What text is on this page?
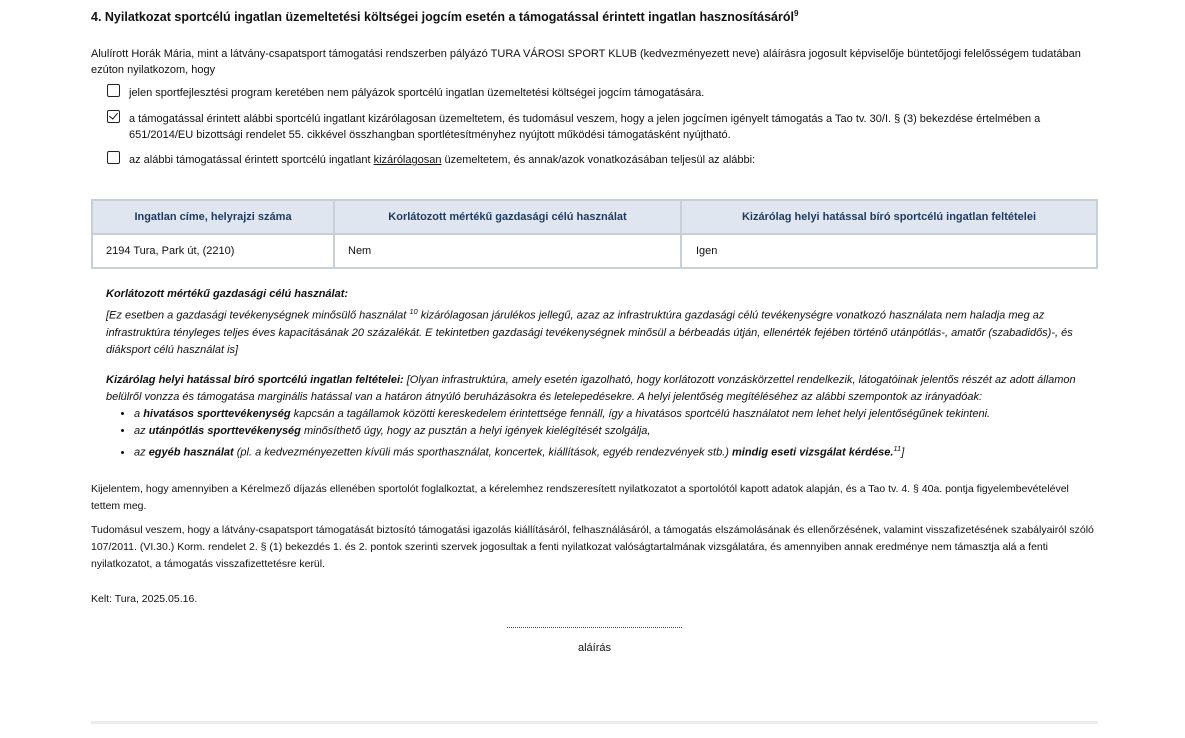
4. Nyilatkozat sportcélú ingatlan üzemeltetési költségei jogcím esetén a támogatással érintett ingatlan hasznosításáról$^9$
Alulírott Horák Mária, mint a látvány-csapatsport támogatási rendszerben pályázó TURA VÁROSI SPORT KLUB (kedvezményezett neve) aláírásra jogosult képviselője büntetőjogi felelősségem tudatában ezúton nyilatkozom, hogy
jelen sportfejlesztési program keretében nem pályázok sportcélú ingatlan üzemeltetési költségei jogcím támogatására.
a támogatással érintett alábbi sportcélú ingatlant kizárólagosan üzemeltetem, és tudomásul veszem, hogy a jelen jogcímen igényelt támogatás a Tao tv. 30/I. § (3) bekezdése értelmében a 651/2014/EU bizottsági rendelet 55. cikkével összhangban sportlétesítményhez nyújtott működési támogatásként nyújtható.
az alábbi támogatással érintett sportcélú ingatlant kizárólagosan üzemeltetem, és annak/azok vonatkozásában teljesül az alábbi:
Ingatlan címe, helyrajzi száma	Korlátozott mértékű gazdasági célú használat	Kizárólag helyi hatással bíró sportcélú ingatlan feltételei
2194 Tura, Park út, (2210)	Nem	Igen
Korlátozott mértékű gazdasági célú használat:
[Ez esetben a gazdasági tevékenységnek minősülő használat $^{10}$ kizárólagosan járulékos jellegű, azaz az infrastruktúra gazdasági célú tevékenységre vonatkozó használata nem haladja meg az infrastruktúra tényleges teljes éves kapacitásának 20 százalékát. E tekintetben gazdasági tevékenységnek minősül a bérbeadás útján, ellenérték fejében történő utánpótlás-, amatőr (szabadidős)-, és diáksport célú használat is]
Kizárólag helyi hatással bíró sportcélú ingatlan feltételei: [Olyan infrastruktúra, amely esetén igazolható, hogy korlátozott vonzáskörzettel rendelkezik, látogatóinak jelentős részét az adott államon belülről vonzza és támogatása marginális hatással van a határon átnyúló beruházásokra és letelepedésekre. A helyi jelentőség megítéléséhez az alábbi szempontok az irányadóak:
• a hivatásos sporttevékenység kapcsán a tagállamok közötti kereskedelem érintettsége fennáll, így a hivatásos sportcélú használatot nem lehet helyi jelentőségűnek tekinteni.
• az utánpótlás sporttevékenység minősíthető úgy, hogy az pusztán a helyi igények kielégítését szolgálja,
• az egyéb használat (pl. a kedvezményezetten kívüli más sporthasználat, koncertek, kiállítások, egyéb rendezvények stb.) mindig eseti vizsgálat kérdése.$^{11}$]
Kijelentem, hogy amennyiben a Kérelmező díjazás ellenében sportolót foglalkoztat, a kérelemhez rendszeresített nyilatkozatot a sportolótól kapott adatok alapján, és a Tao tv. 4. § 40a. pontja figyelembevételével tettem meg.
Tudomásul veszem, hogy a látvány-csapatsport támogatását biztosító támogatási igazolás kiállításáról, felhasználásáról, a támogatás elszámolásának és ellenőrzésének, valamint visszafizetésének szabályairól szóló 107/2011. (VI.30.) Korm. rendelet 2. § (1) bekezdés 1. és 2. pontok szerinti szervek jogosultak a fenti nyilatkozat valóságtartalmának vizsgálatára, és amennyiben annak eredménye nem támasztja alá a fenti nyilatkozatot, a támogatás visszafizettetésre kerül.
Kelt: Tura, 2025.05.16.
aláírás
